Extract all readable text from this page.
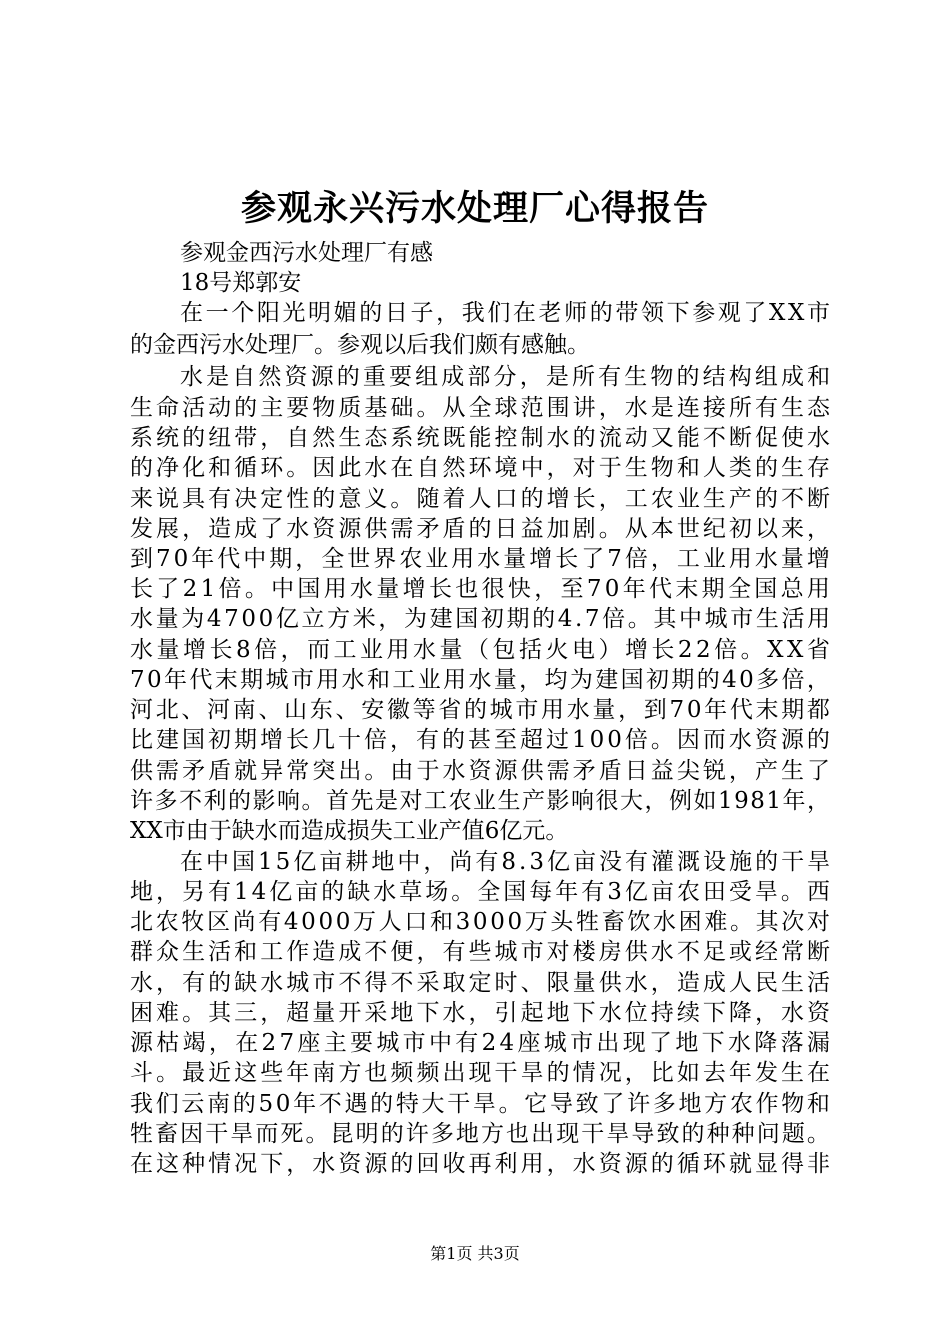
参观永兴污水处理厂心得报告
参观金西污水处理厂有感
18号郑郭安
在一个阳光明媚的日子，我们在老师的带领下参观了XX市
的金西污水处理厂。参观以后我们颇有感触。
水是自然资源的重要组成部分，是所有生物的结构组成和
生命活动的主要物质基础。从全球范围讲，水是连接所有生态
系统的纽带，自然生态系统既能控制水的流动又能不断促使水
的净化和循环。因此水在自然环境中，对于生物和人类的生存
来说具有决定性的意义。随着人口的增长，工农业生产的不断
发展，造成了水资源供需矛盾的日益加剧。从本世纪初以来，
到70年代中期，全世界农业用水量增长了7倍，工业用水量增
长了21倍。中国用水量增长也很快，至70年代末期全国总用
水量为4700亿立方米，为建国初期的4.7倍。其中城市生活用
水量增长8倍，而工业用水量（包括火电）增长22倍。XX省
70年代末期城市用水和工业用水量，均为建国初期的40多倍，
河北、河南、山东、安徽等省的城市用水量，到70年代末期都
比建国初期增长几十倍，有的甚至超过100倍。因而水资源的
供需矛盾就异常突出。由于水资源供需矛盾日益尖锐，产生了
许多不利的影响。首先是对工农业生产影响很大，例如1981年，
XX市由于缺水而造成损失工业产值6亿元。
在中国15亿亩耕地中，尚有8.3亿亩没有灌溉设施的干旱
地，另有14亿亩的缺水草场。全国每年有3亿亩农田受旱。西
北农牧区尚有4000万人口和3000万头牲畜饮水困难。其次对
群众生活和工作造成不便，有些城市对楼房供水不足或经常断
水，有的缺水城市不得不采取定时、限量供水，造成人民生活
困难。其三，超量开采地下水，引起地下水位持续下降，水资
源枯竭，在27座主要城市中有24座城市出现了地下水降落漏
斗。最近这些年南方也频频出现干旱的情况，比如去年发生在
我们云南的50年不遇的特大干旱。它导致了许多地方农作物和
牲畜因干旱而死。昆明的许多地方也出现干旱导致的种种问题。
在这种情况下，水资源的回收再利用，水资源的循环就显得非
第1页 共3页
